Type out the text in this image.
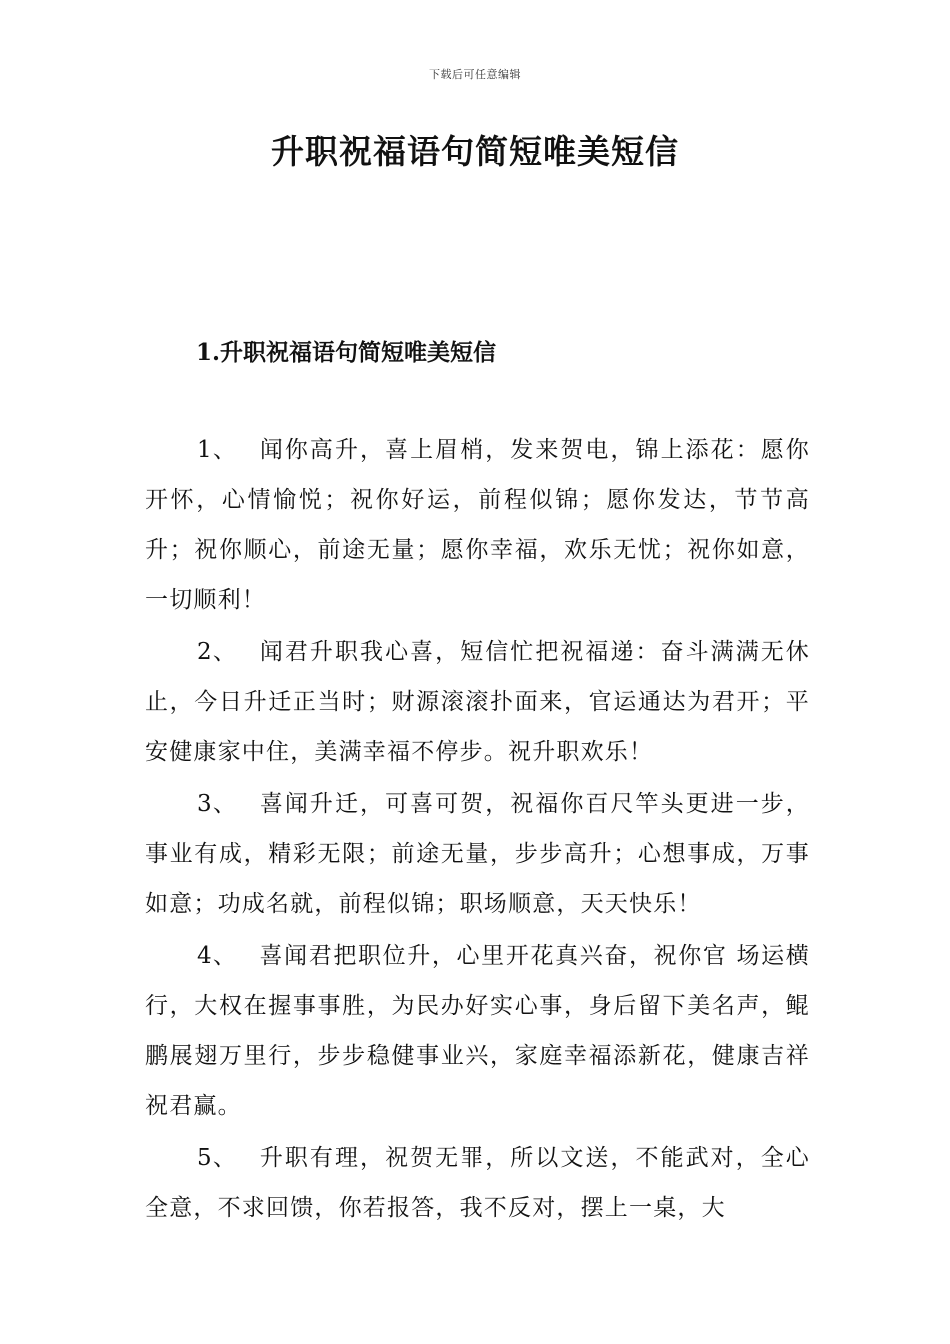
下载后可任意编辑
升职祝福语句简短唯美短信
1.升职祝福语句简短唯美短信

1、 闻你高升，喜上眉梢，发来贺电，锦上添花：愿你开怀，心情愉悦；祝你好运，前程似锦；愿你发达，节节高升；祝你顺心，前途无量；愿你幸福，欢乐无忧；祝你如意，一切顺利！

2、 闻君升职我心喜，短信忙把祝福递：奋斗满满无休止，今日升迁正当时；财源滚滚扑面来，官运通达为君开；平安健康家中住，美满幸福不停步。祝升职欢乐！

3、 喜闻升迁，可喜可贺，祝福你百尺竿头更进一步，事业有成，精彩无限；前途无量，步步高升；心想事成，万事如意；功成名就，前程似锦；职场顺意，天天快乐！

4、 喜闻君把职位升，心里开花真兴奋，祝你官 场运横行，大权在握事事胜，为民办好实心事，身后留下美名声，鲲鹏展翅万里行，步步稳健事业兴，家庭幸福添新花，健康吉祥祝君赢。

5、 升职有理，祝贺无罪，所以文送，不能武对，全心全意，不求回馈，你若报答，我不反对，摆上一桌，大
